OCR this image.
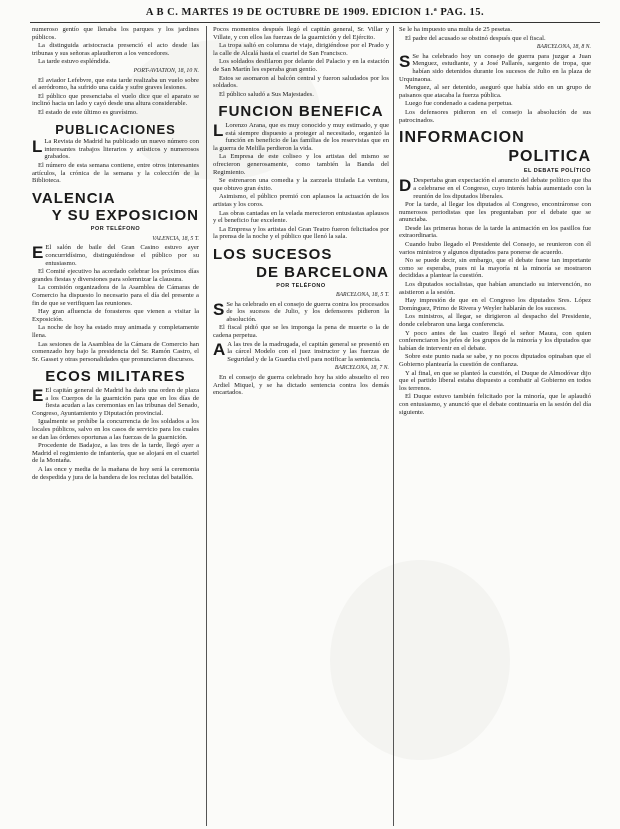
A B C. MARTES 19 DE OCTUBRE DE 1909. EDICION 1.ª PAG. 15.

numeroso gentío que llenaba los parques y los jardines públicos.

La distinguida aristocracia presenció el acto desde las tribunas y sus señoras aplaudieron a los vencedores.

La tarde estuvo espléndida.

PORT-AVIATION, 18, 10 N.

El aviador Lefebvre, que esta tarde realizaba un vuelo sobre el aeródromo, ha sufrido una caída y sufre graves lesiones.

El público que presenciaba el vuelo dice que el aparato se inclinó hacia un lado y cayó desde una altura considerable.

El estado de este último es gravísimo.

PUBLICACIONES

L La Revista de Madrid ha publicado un nuevo número con interesantes trabajos literarios y artísticos y numerosos grabados.

El número de esta semana contiene, entre otros interesantes artículos, la crónica de la semana y la colección de la Biblioteca.

VALENCIA
Y SU EXPOSICION
POR TELÉFONO
VALENCIA, 18, 5 T.

E El salón de baile del Gran Casino estuvo ayer concurridísimo, distinguiéndose el público por su entusiasmo.

El Comité ejecutivo ha acordado celebrar los próximos días grandes fiestas y diversiones para solemnizar la clausura.

La comisión organizadora de la Asamblea de Cámaras de Comercio ha dispuesto lo necesario para el día del presente a fin de que se verifiquen las reuniones.

Hay gran afluencia de forasteros que vienen a visitar la Exposición.

La noche de hoy ha estado muy animada y completamente llena.

Las sesiones de la Asamblea de la Cámara de Comercio han comenzado hoy bajo la presidencia del Sr. Ramón Castro, el Sr. Gasset y otras personalidades que pronunciaron discursos.

ECOS MILITARES

E El capitán general de Madrid ha dado una orden de plaza a los Cuerpos de la guarnición para que en los días de fiesta acudan a las ceremonias en las tribunas del Senado, Congreso, Ayuntamiento y Diputación provincial.

Igualmente se prohíbe la concurrencia de los soldados a los locales públicos, salvo en los casos de servicio para los cuales se dan las órdenes oportunas a las fuerzas de la guarnición.

Procedente de Badajoz, a las tres de la tarde, llegó ayer a Madrid el regimiento de infantería, que se alojará en el cuartel de la Montaña.

A las once y media de la mañana de hoy será la ceremonia de despedida y jura de la bandera de los reclutas del batallón.

Pocos momentos después llegó el capitán general, Sr. Villar y Villate, y con ellos las fuerzas de la guarnición y del Ejército.

La tropa salió en columna de viaje, dirigiéndose por el Prado y la calle de Alcalá hasta el cuartel de San Francisco.

Los soldados desfilaron por delante del Palacio y en la estación de San Martín les esperaba gran gentío.

Estos se asomaron al balcón central y fueron saludados por los soldados.

El público saludó a Sus Majestades.

FUNCION BENEFICA

L Lorenzo Arana, que es muy conocido y muy estimado, y que está siempre dispuesto a proteger al necesitado, organizó la función en beneficio de las familias de los reservistas que en la guerra de Melilla perdieron la vida.

La Empresa de este coliseo y los artistas del mismo se ofrecieron generosamente, como también la Banda del Regimiento.

Se estrenaron una comedia y la zarzuela titulada La ventura, que obtuvo gran éxito.

Asimismo, el público premió con aplausos la actuación de los artistas y los coros.

Las obras cantadas en la velada merecieron entusiastas aplausos y el beneficio fue excelente.

La Empresa y los artistas del Gran Teatro fueron felicitados por la prensa de la noche y el público que llenó la sala.

LOS SUCESOS
DE BARCELONA
POR TELÉFONO
BARCELONA, 18, 5 T.

S Se ha celebrado en el consejo de guerra contra los procesados de los sucesos de Julio, y los defensores pidieron la absolución.

El fiscal pidió que se les imponga la pena de muerte o la de cadena perpetua.

A A las tres de la madrugada, el capitán general se presentó en la cárcel Modelo con el juez instructor y las fuerzas de Seguridad y de la Guardia civil para notificar la sentencia.

BARCELONA, 18, 7 N.

En el consejo de guerra celebrado hoy ha sido absuelto el reo Ardiel Miquel, y se ha dictado sentencia contra los demás encartados.

Se le ha impuesto una multa de 25 pesetas.

El padre del acusado se obstinó después que el fiscal.

BARCELONA, 18, 8 N.

S Se ha celebrado hoy un consejo de guerra para juzgar a Juan Menguez, estudiante, y a José Pallarés, sargento de tropa, que habían sido detenidos durante los sucesos de Julio en la plaza de Urquinaona.

Menguez, al ser detenido, aseguró que había sido en un grupo de paisanos que atacaba la fuerza pública.

Luego fue condenado a cadena perpetua.

Los defensores pidieron en el consejo la absolución de sus patrocinados.

INFORMACION
POLITICA
EL DEBATE POLÍTICO

D Despertaba gran expectación el anuncio del debate político que iba a celebrarse en el Congreso, cuyo interés había aumentado con la reunión de los diputados liberales.

Por la tarde, al llegar los diputados al Congreso, encontráronse con numerosos periodistas que les preguntaban por el debate que se anunciaba.

Desde las primeras horas de la tarde la animación en los pasillos fue extraordinaria.

Cuando hubo llegado el Presidente del Consejo, se reunieron con él varios ministros y algunos diputados para ponerse de acuerdo.

No se puede decir, sin embargo, que el debate fuese tan importante como se esperaba, pues ni la mayoría ni la minoría se mostraron decididas a plantear la cuestión.

Los diputados socialistas, que habían anunciado su intervención, no asistieron a la sesión.

Hay impresión de que en el Congreso los diputados Sres. López Domínguez, Primo de Rivera y Weyler hablarán de los sucesos.

Los ministros, al llegar, se dirigieron al despacho del Presidente, donde celebraron una larga conferencia.

Y poco antes de las cuatro llegó el señor Maura, con quien conferenciaron los jefes de los grupos de la minoría y los diputados que habían de intervenir en el debate.

Sobre este punto nada se sabe, y no pocos diputados opinaban que el Gobierno plantearía la cuestión de confianza.

Y al final, en que se planteó la cuestión, el Duque de Almodóvar dijo que el partido liberal estaba dispuesto a combatir al Gobierno en todos los terrenos.

El Duque estuvo también felicitado por la minoría, que le aplaudió con entusiasmo, y anunció que el debate continuaría en la sesión del día siguiente.
